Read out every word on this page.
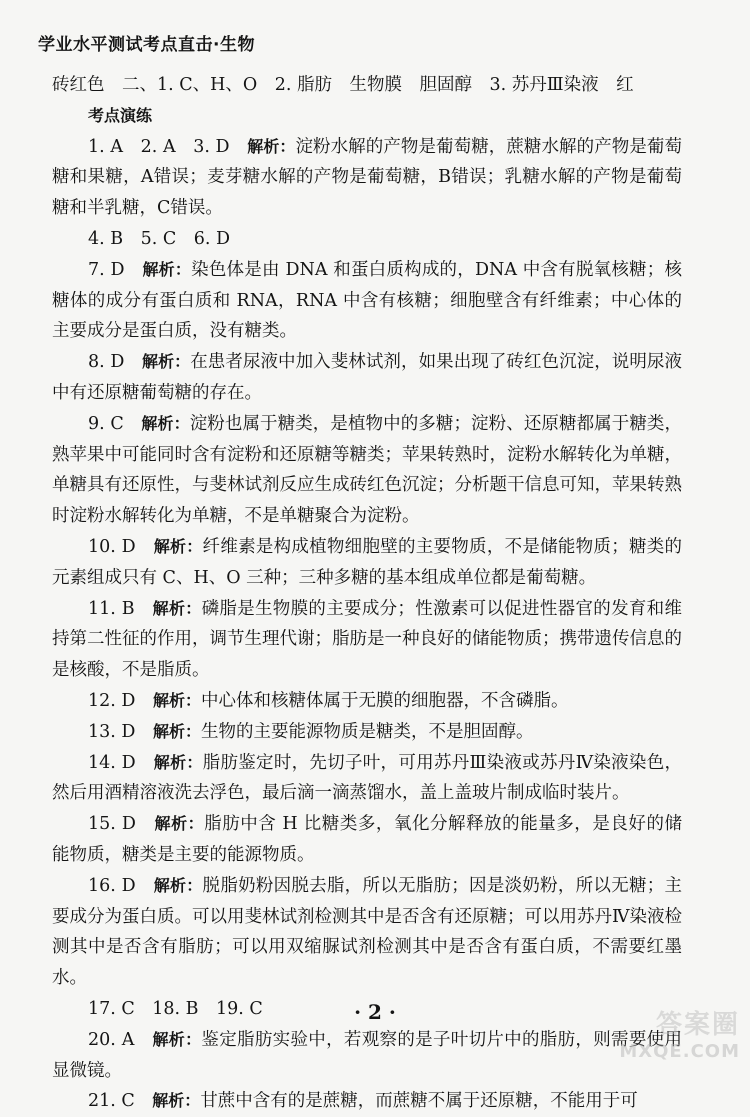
学业水平测试考点直击·生物

砖红色　二、1. C、H、O　2. 脂肪　生物膜　胆固醇　3. 苏丹Ⅲ染液　红

考点演练

1. A　2. A　3. D　解析：淀粉水解的产物是葡萄糖，蔗糖水解的产物是葡萄糖和果糖，A错误；麦芽糖水解的产物是葡萄糖，B错误；乳糖水解的产物是葡萄糖和半乳糖，C错误。

4. B　5. C　6. D

7. D　解析：染色体是由 DNA 和蛋白质构成的，DNA 中含有脱氧核糖；核糖体的成分有蛋白质和 RNA，RNA 中含有核糖；细胞壁含有纤维素；中心体的主要成分是蛋白质，没有糖类。

8. D　解析：在患者尿液中加入斐林试剂，如果出现了砖红色沉淀，说明尿液中有还原糖葡萄糖的存在。

9. C　解析：淀粉也属于糖类，是植物中的多糖；淀粉、还原糖都属于糖类，熟苹果中可能同时含有淀粉和还原糖等糖类；苹果转熟时，淀粉水解转化为单糖，单糖具有还原性，与斐林试剂反应生成砖红色沉淀；分析题干信息可知，苹果转熟时淀粉水解转化为单糖，不是单糖聚合为淀粉。

10. D　解析：纤维素是构成植物细胞壁的主要物质，不是储能物质；糖类的元素组成只有 C、H、O 三种；三种多糖的基本组成单位都是葡萄糖。

11. B　解析：磷脂是生物膜的主要成分；性激素可以促进性器官的发育和维持第二性征的作用，调节生理代谢；脂肪是一种良好的储能物质；携带遗传信息的是核酸，不是脂质。

12. D　解析：中心体和核糖体属于无膜的细胞器，不含磷脂。

13. D　解析：生物的主要能源物质是糖类，不是胆固醇。

14. D　解析：脂肪鉴定时，先切子叶，可用苏丹Ⅲ染液或苏丹Ⅳ染液染色，然后用酒精溶液洗去浮色，最后滴一滴蒸馏水，盖上盖玻片制成临时装片。

15. D　解析：脂肪中含 H 比糖类多，氧化分解释放的能量多，是良好的储能物质，糖类是主要的能源物质。

16. D　解析：脱脂奶粉因脱去脂，所以无脂肪；因是淡奶粉，所以无糖；主要成分为蛋白质。可以用斐林试剂检测其中是否含有还原糖；可以用苏丹Ⅳ染液检测其中是否含有脂肪；可以用双缩脲试剂检测其中是否含有蛋白质，不需要红墨水。

17. C　18. B　19. C

20. A　解析：鉴定脂肪实验中，若观察的是子叶切片中的脂肪，则需要使用显微镜。

21. C　解析：甘蔗中含有的是蔗糖，而蔗糖不属于还原糖，不能用于可

· 2 ·	答案圈
MXQE.COM
